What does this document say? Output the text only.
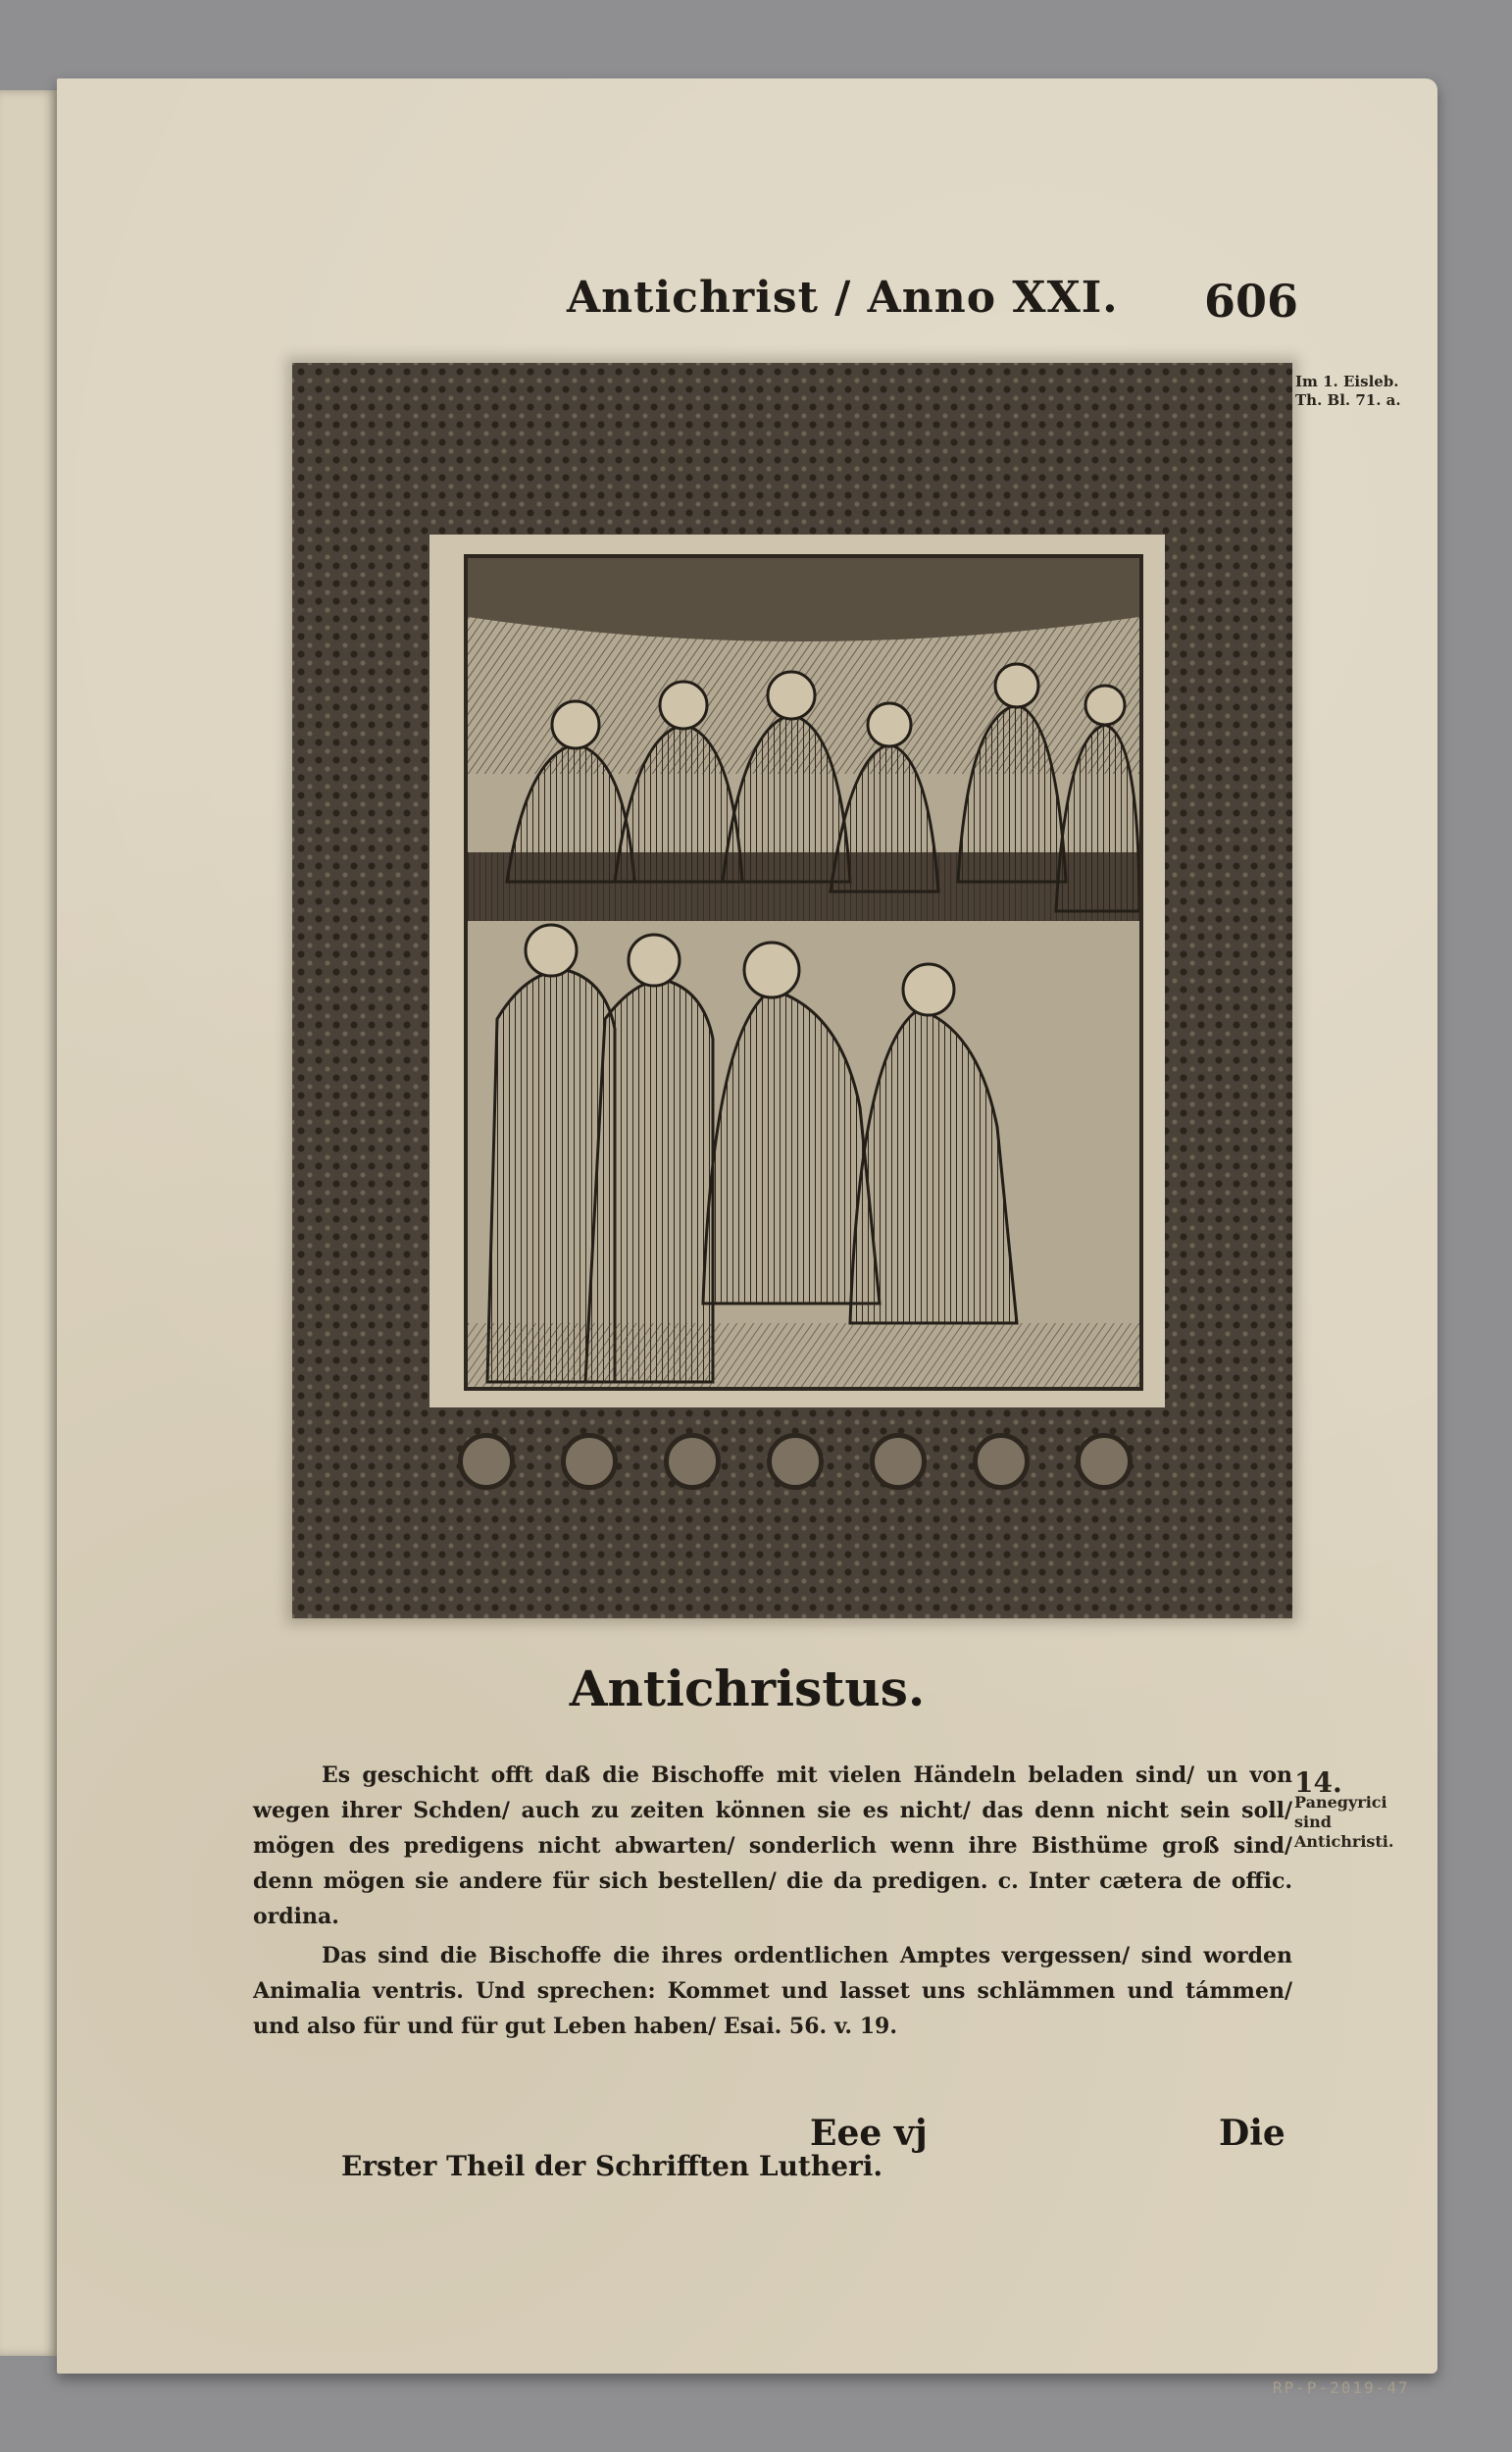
Antichrist / Anno XXI. 606
Im 1. Eisleb. Th. Bl. 71. a.
Antichristus.

Es geschicht offt daß die Bischoffe mit vielen Händeln beladen sind/ un von wegen ihrer Schden/ auch zu zeiten können sie es nicht/ das denn nicht sein soll/ mögen des predigens nicht abwarten/ sonderlich wenn ihre Bisthüme groß sind/ denn mögen sie andere für sich bestellen/ die da predigen. c. Inter cætera de offic. ordina.

Das sind die Bischoffe die ihres ordentlichen Amptes vergessen/ sind worden Animalia ventris. Und sprechen: Kommet und lasset uns schlämmen und támmen/ und also für und für gut Leben haben/ Esai. 56. v. 19.

14.
Panegyrici sind Antichristi.
Eee vj	Die
Erster Theil der Schrifften Lutheri.
RP-P-2019-47
